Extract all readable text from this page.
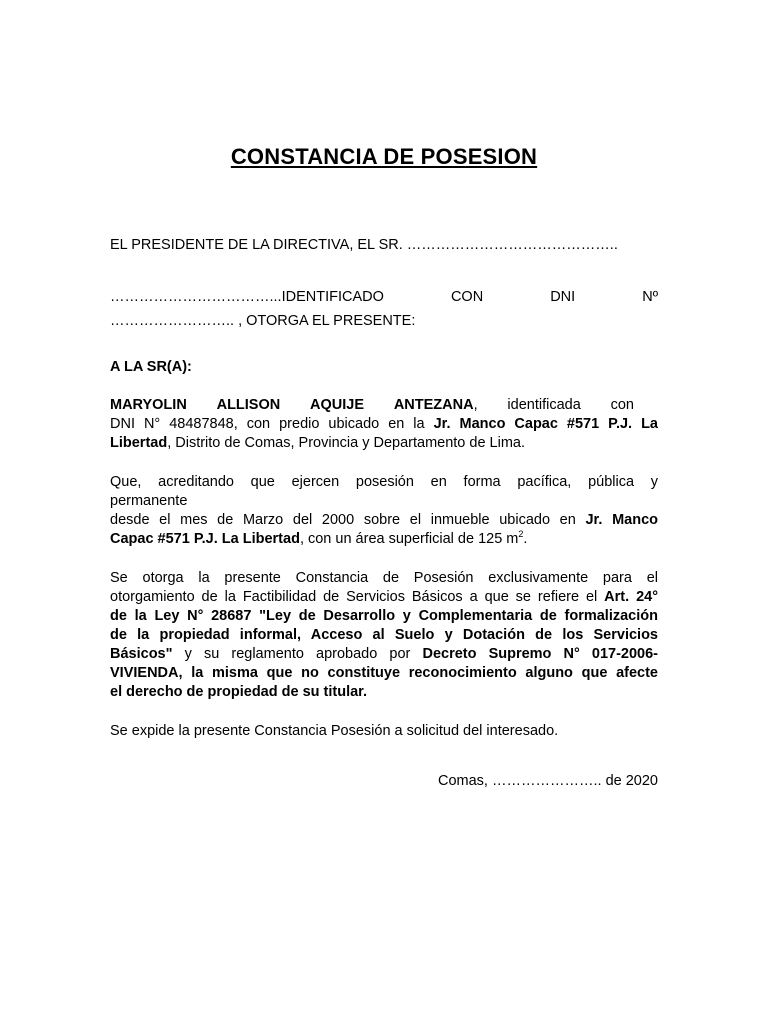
CONSTANCIA DE POSESION
EL PRESIDENTE DE LA DIRECTIVA, EL SR. ……………………………………..
……………………………...IDENTIFICADO	CON	DNI	Nº
…………………….. , OTORGA EL PRESENTE:
A LA SR(A):
MARYOLIN ALLISON AQUIJE ANTEZANA, identificada con
DNI N° 48487848, con predio ubicado en la Jr. Manco Capac #571 P.J. La
Libertad, Distrito de Comas, Provincia y Departamento de Lima.
Que, acreditando que ejercen posesión en forma pacífica, pública y
permanente
desde el mes de Marzo del 2000 sobre el inmueble ubicado en Jr. Manco
Capac #571 P.J. La Libertad, con un área superficial de 125 $m^2$.
Se otorga la presente Constancia de Posesión exclusivamente para el
otorgamiento de la Factibilidad de Servicios Básicos a que se refiere el Art. 24°
de la Ley N° 28687 "Ley de Desarrollo y Complementaria de formalización
de la propiedad informal, Acceso al Suelo y Dotación de los Servicios
Básicos" y su reglamento aprobado por Decreto Supremo N° 017-2006-
VIVIENDA, la misma que no constituye reconocimiento alguno que afecte
el derecho de propiedad de su titular.
Se expide la presente Constancia Posesión a solicitud del interesado.
Comas, ………………….. de 2020
